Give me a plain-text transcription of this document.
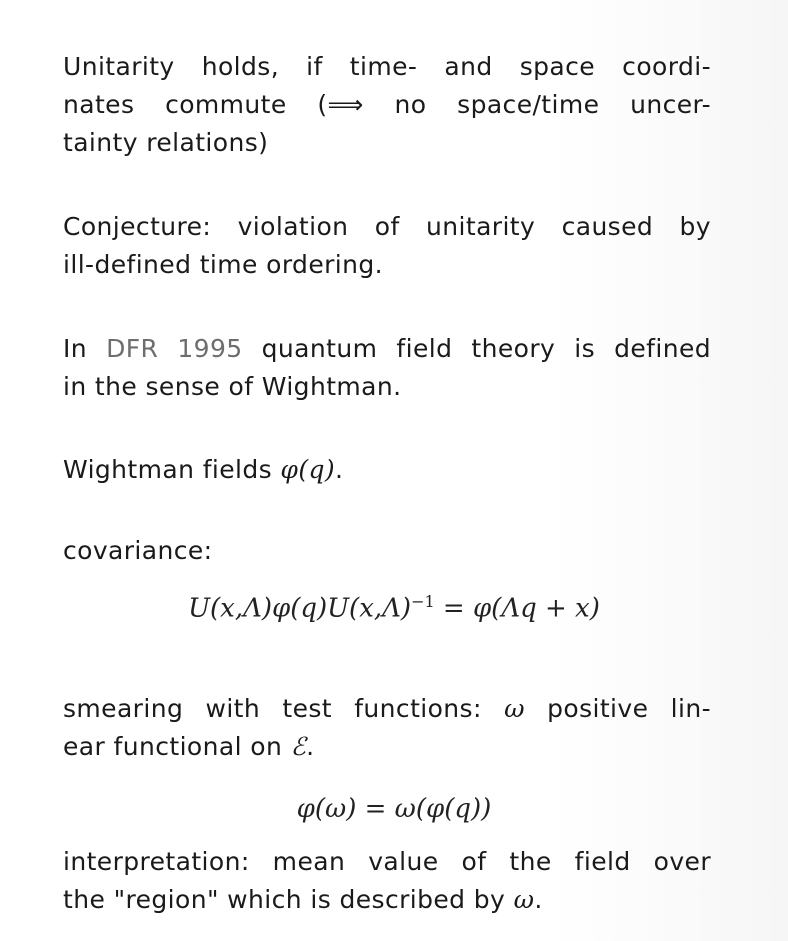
Unitarity holds, if time- and space coordi-
nates commute (⟹ no space/time uncer-
tainty relations)
Conjecture: violation of unitarity caused by
ill-defined time ordering.
In DFR 1995 quantum field theory is defined
in the sense of Wightman.
Wightman fields φ(q).
covariance:
$U(x,\Lambda)\varphi(q)U(x,\Lambda)^{-1} = \varphi(\Lambda q + x)$
smearing with test functions: ω positive lin-
ear functional on ℰ.
φ(ω) = ω(φ(q))
interpretation: mean value of the field over
the "region" which is described by ω.
